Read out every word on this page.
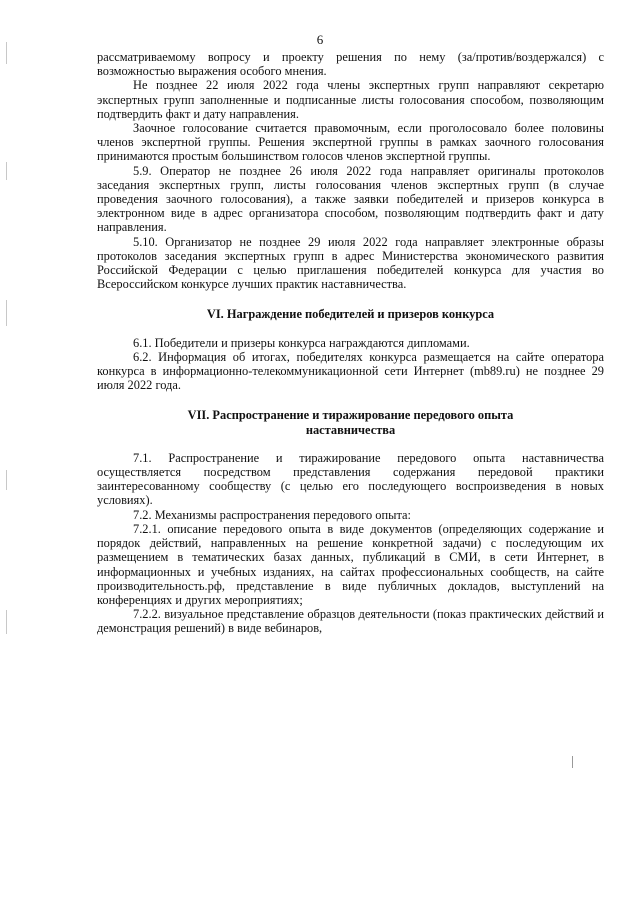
6

рассматриваемому вопросу и проекту решения по нему (за/против/воздержался) с возможностью выражения особого мнения.

Не позднее 22 июля 2022 года члены экспертных групп направляют секретарю экспертных групп заполненные и подписанные листы голосования способом, позволяющим подтвердить факт и дату направления.

Заочное голосование считается правомочным, если проголосовало более половины членов экспертной группы. Решения экспертной группы в рамках заочного голосования принимаются простым большинством голосов членов экспертной группы.

5.9. Оператор не позднее 26 июля 2022 года направляет оригиналы протоколов заседания экспертных групп, листы голосования членов экспертных групп (в случае проведения заочного голосования), а также заявки победителей и призеров конкурса в электронном виде в адрес организатора способом, позволяющим подтвердить факт и дату направления.

5.10. Организатор не позднее 29 июля 2022 года направляет электронные образы протоколов заседания экспертных групп в адрес Министерства экономического развития Российской Федерации с целью приглашения победителей конкурса для участия во Всероссийском конкурсе лучших практик наставничества.

VI. Награждение победителей и призеров конкурса

6.1. Победители и призеры конкурса награждаются дипломами.

6.2. Информация об итогах, победителях конкурса размещается на сайте оператора конкурса в информационно-телекоммуникационной сети Интернет (mb89.ru) не позднее 29 июля 2022 года.

VII. Распространение и тиражирование передового опыта
наставничества

7.1. Распространение и тиражирование передового опыта наставничества осуществляется посредством представления содержания передовой практики заинтересованному сообществу (с целью его последующего воспроизведения в новых условиях).

7.2. Механизмы распространения передового опыта:

7.2.1. описание передового опыта в виде документов (определяющих содержание и порядок действий, направленных на решение конкретной задачи) с последующим их размещением в тематических базах данных, публикаций в СМИ, в сети Интернет, в информационных и учебных изданиях, на сайтах профессиональных сообществ, на сайте производительность.рф, представление в виде публичных докладов, выступлений на конференциях и других мероприятиях;

7.2.2. визуальное представление образцов деятельности (показ практических действий и демонстрация решений) в виде вебинаров,
